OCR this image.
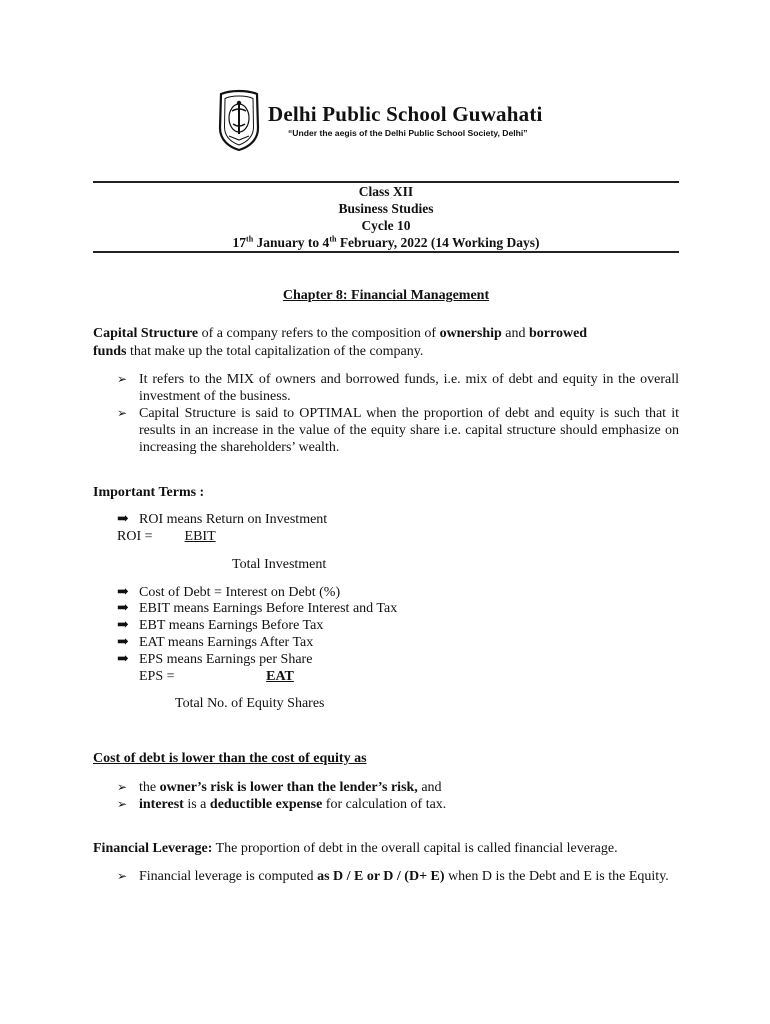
Delhi Public School Guwahati
“Under the aegis of the Delhi Public School Society, Delhi”
Class XII
Business Studies
Cycle 10
17th January to 4th February, 2022 (14 Working Days)
Chapter 8: Financial Management
Capital Structure of a company refers to the composition of ownership and borrowed
funds that make up the total capitalization of the company.
➢ It refers to the MIX of owners and borrowed funds, i.e. mix of debt and equity in the overall investment of the business.
➢ Capital Structure is said to OPTIMAL when the proportion of debt and equity is such that it results in an increase in the value of the equity share i.e. capital structure should emphasize on increasing the shareholders’ wealth.
Important Terms :
➡ ROI means Return on Investment
ROI = EBIT
Total Investment
➡ Cost of Debt = Interest on Debt (%)
➡ EBIT means Earnings Before Interest and Tax
➡ EBT means Earnings Before Tax
➡ EAT means Earnings After Tax
➡ EPS means Earnings per Share
EPS =	EAT
Total No. of Equity Shares
Cost of debt is lower than the cost of equity as
➢ the owner’s risk is lower than the lender’s risk, and
➢ interest is a deductible expense for calculation of tax.
Financial Leverage: The proportion of debt in the overall capital is called financial leverage.
➢ Financial leverage is computed as D / E or D / (D+ E) when D is the Debt and E is the Equity.
